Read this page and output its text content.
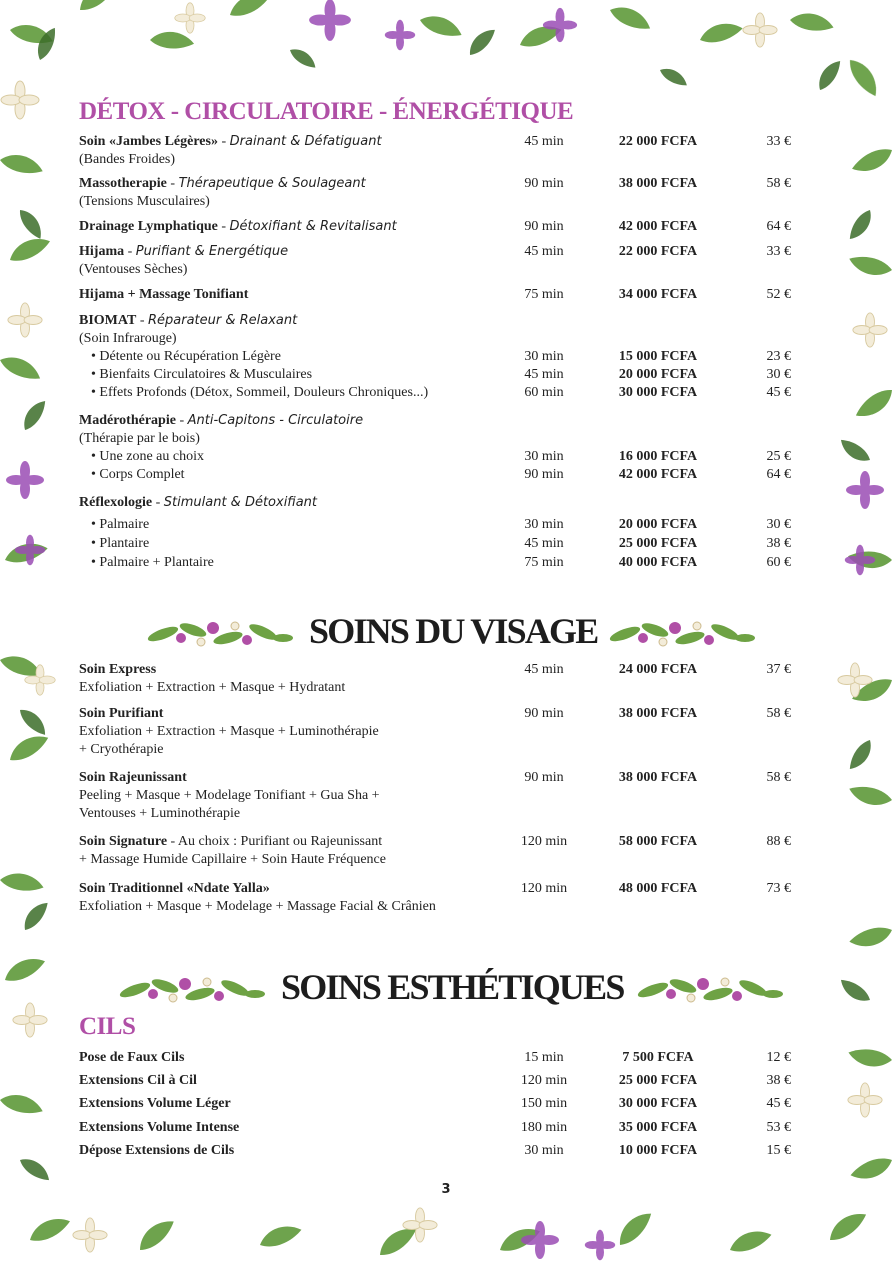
DÉTOX - CIRCULATOIRE - ÉNERGÉTIQUE
Soin «Jambes Légères» - Drainant & Défatiguant
(Bandes Froides)
45 min	22 000 FCFA	33 €
Massotherapie - Thérapeutique & Soulageant
(Tensions Musculaires)
90 min	38 000 FCFA	58 €
Drainage Lymphatique - Détoxifiant & Revitalisant	90 min	42 000 FCFA	64 €
Hijama - Purifiant & Energétique
(Ventouses Sèches)
45 min	22 000 FCFA	33 €
Hijama + Massage Tonifiant	75 min	34 000 FCFA	52 €
BIOMAT - Réparateur & Relaxant
(Soin Infrarouge)
• Détente ou Récupération Légère	30 min	15 000 FCFA	23 €
• Bienfaits Circulatoires & Musculaires	45 min	20 000 FCFA	30 €
• Effets Profonds (Détox, Sommeil, Douleurs Chroniques...)	60 min	30 000 FCFA	45 €
Madérothérapie - Anti-Capitons - Circulatoire
(Thérapie par le bois)
• Une zone au choix	30 min	16 000 FCFA	25 €
• Corps Complet	90 min	42 000 FCFA	64 €
Réflexologie - Stimulant & Détoxifiant
• Palmaire	30 min	20 000 FCFA	30 €
• Plantaire	45 min	25 000 FCFA	38 €
• Palmaire + Plantaire	75 min	40 000 FCFA	60 €
SOINS DU VISAGE
Soin Express
Exfoliation + Extraction + Masque + Hydratant
45 min	24 000 FCFA	37 €
Soin Purifiant
Exfoliation + Extraction + Masque + Luminothérapie
+ Cryothérapie
90 min	38 000 FCFA	58 €
Soin Rajeunissant
Peeling + Masque + Modelage Tonifiant + Gua Sha +
Ventouses + Luminothérapie
90 min	38 000 FCFA	58 €
Soin Signature - Au choix : Purifiant ou Rajeunissant
+ Massage Humide Capillaire + Soin Haute Fréquence
120 min	58 000 FCFA	88 €
Soin Traditionnel «Ndate Yalla»
Exfoliation + Masque + Modelage + Massage Facial & Crânien
120 min	48 000 FCFA	73 €
SOINS ESTHÉTIQUES
CILS
Pose de Faux Cils	15 min	7 500 FCFA	12 €
Extensions Cil à Cil	120 min	25 000 FCFA	38 €
Extensions Volume Léger	150 min	30 000 FCFA	45 €
Extensions Volume Intense	180 min	35 000 FCFA	53 €
Dépose Extensions de Cils	30 min	10 000 FCFA	15 €
3
